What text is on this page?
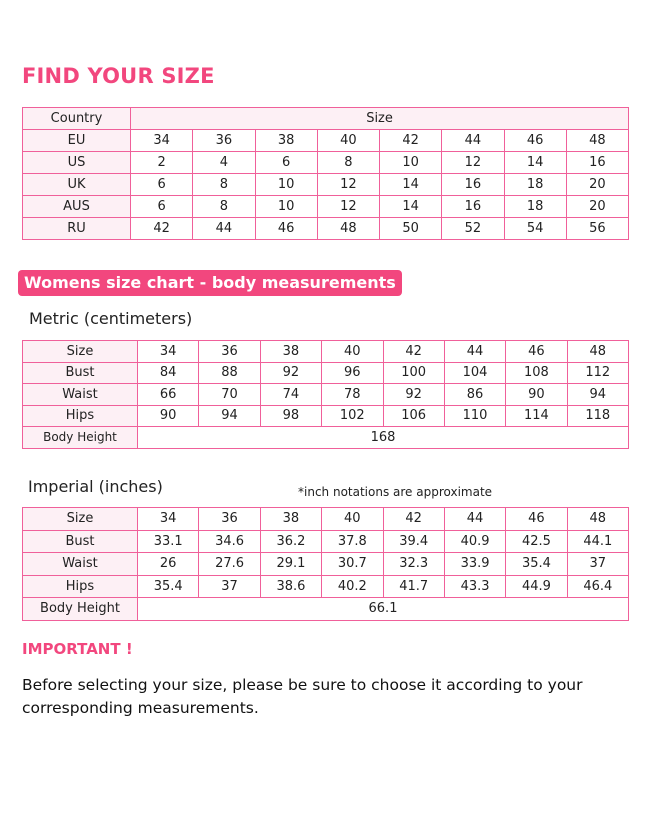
FIND YOUR SIZE
Country	Size							
EU	34	36	38	40	42	44	46	48
US	2	4	6	8	10	12	14	16
UK	6	8	10	12	14	16	18	20
AUS	6	8	10	12	14	16	18	20
RU	42	44	46	48	50	52	54	56
Womens size chart - body measurements
Metric (centimeters)
Size	34	36	38	40	42	44	46	48
Bust	84	88	92	96	100	104	108	112
Waist	66	70	74	78	92	86	90	94
Hips	90	94	98	102	106	110	114	118
Body Height	168							
Imperial (inches)	*inch notations are approximate
Size	34	36	38	40	42	44	46	48
Bust	33.1	34.6	36.2	37.8	39.4	40.9	42.5	44.1
Waist	26	27.6	29.1	30.7	32.3	33.9	35.4	37
Hips	35.4	37	38.6	40.2	41.7	43.3	44.9	46.4
Body Height	66.1							
IMPORTANT !
Before selecting your size, please be sure to choose it according to your corresponding measurements.
